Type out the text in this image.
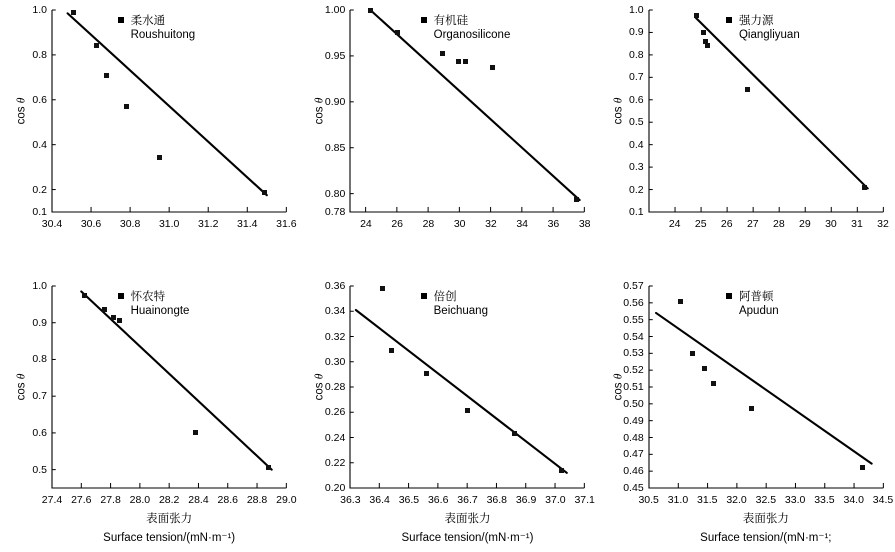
cos θ
0.1
0.2
0.4
0.6
0.8
1.0
30.4 30.6 30.8 31.0 31.2 31.4 31.6
柔水通
Roushuitong
cos θ
0.78
0.80
0.85
0.90
0.95
1.00
24 26 28 30 32 34 36 38
有机硅
Organosilicone
cos θ
0.1
0.2
0.3
0.4
0.5
0.6
0.7
0.8
0.9
1.0
24 25 26 27 28 29 30 31 32
强力源
Qiangliyuan
cos θ
0.5
0.6
0.7
0.8
0.9
1.0
27.4 27.6 27.8 28.0 28.2 28.4 28.6 28.8 29.0
怀农特
Huainongte
表面张力
Surface tension/(mN·m⁻¹)
cos θ
0.20
0.22
0.24
0.26
0.28
0.30
0.32
0.34
0.36
36.3 36.4 36.5 36.6 36.7 36.8 36.9 37.0 37.1
倍创
Beichuang
表面张力
Surface tension/(mN·m⁻¹)
cos θ
0.45
0.46
0.47
0.48
0.49
0.50
0.51
0.52
0.53
0.54
0.55
0.56
0.57
30.5 31.0 31.5 32.0 32.5 33.0 33.5 34.0 34.5
阿普顿
Apudun
表面张力
Surface tension/(mN·m⁻¹;
